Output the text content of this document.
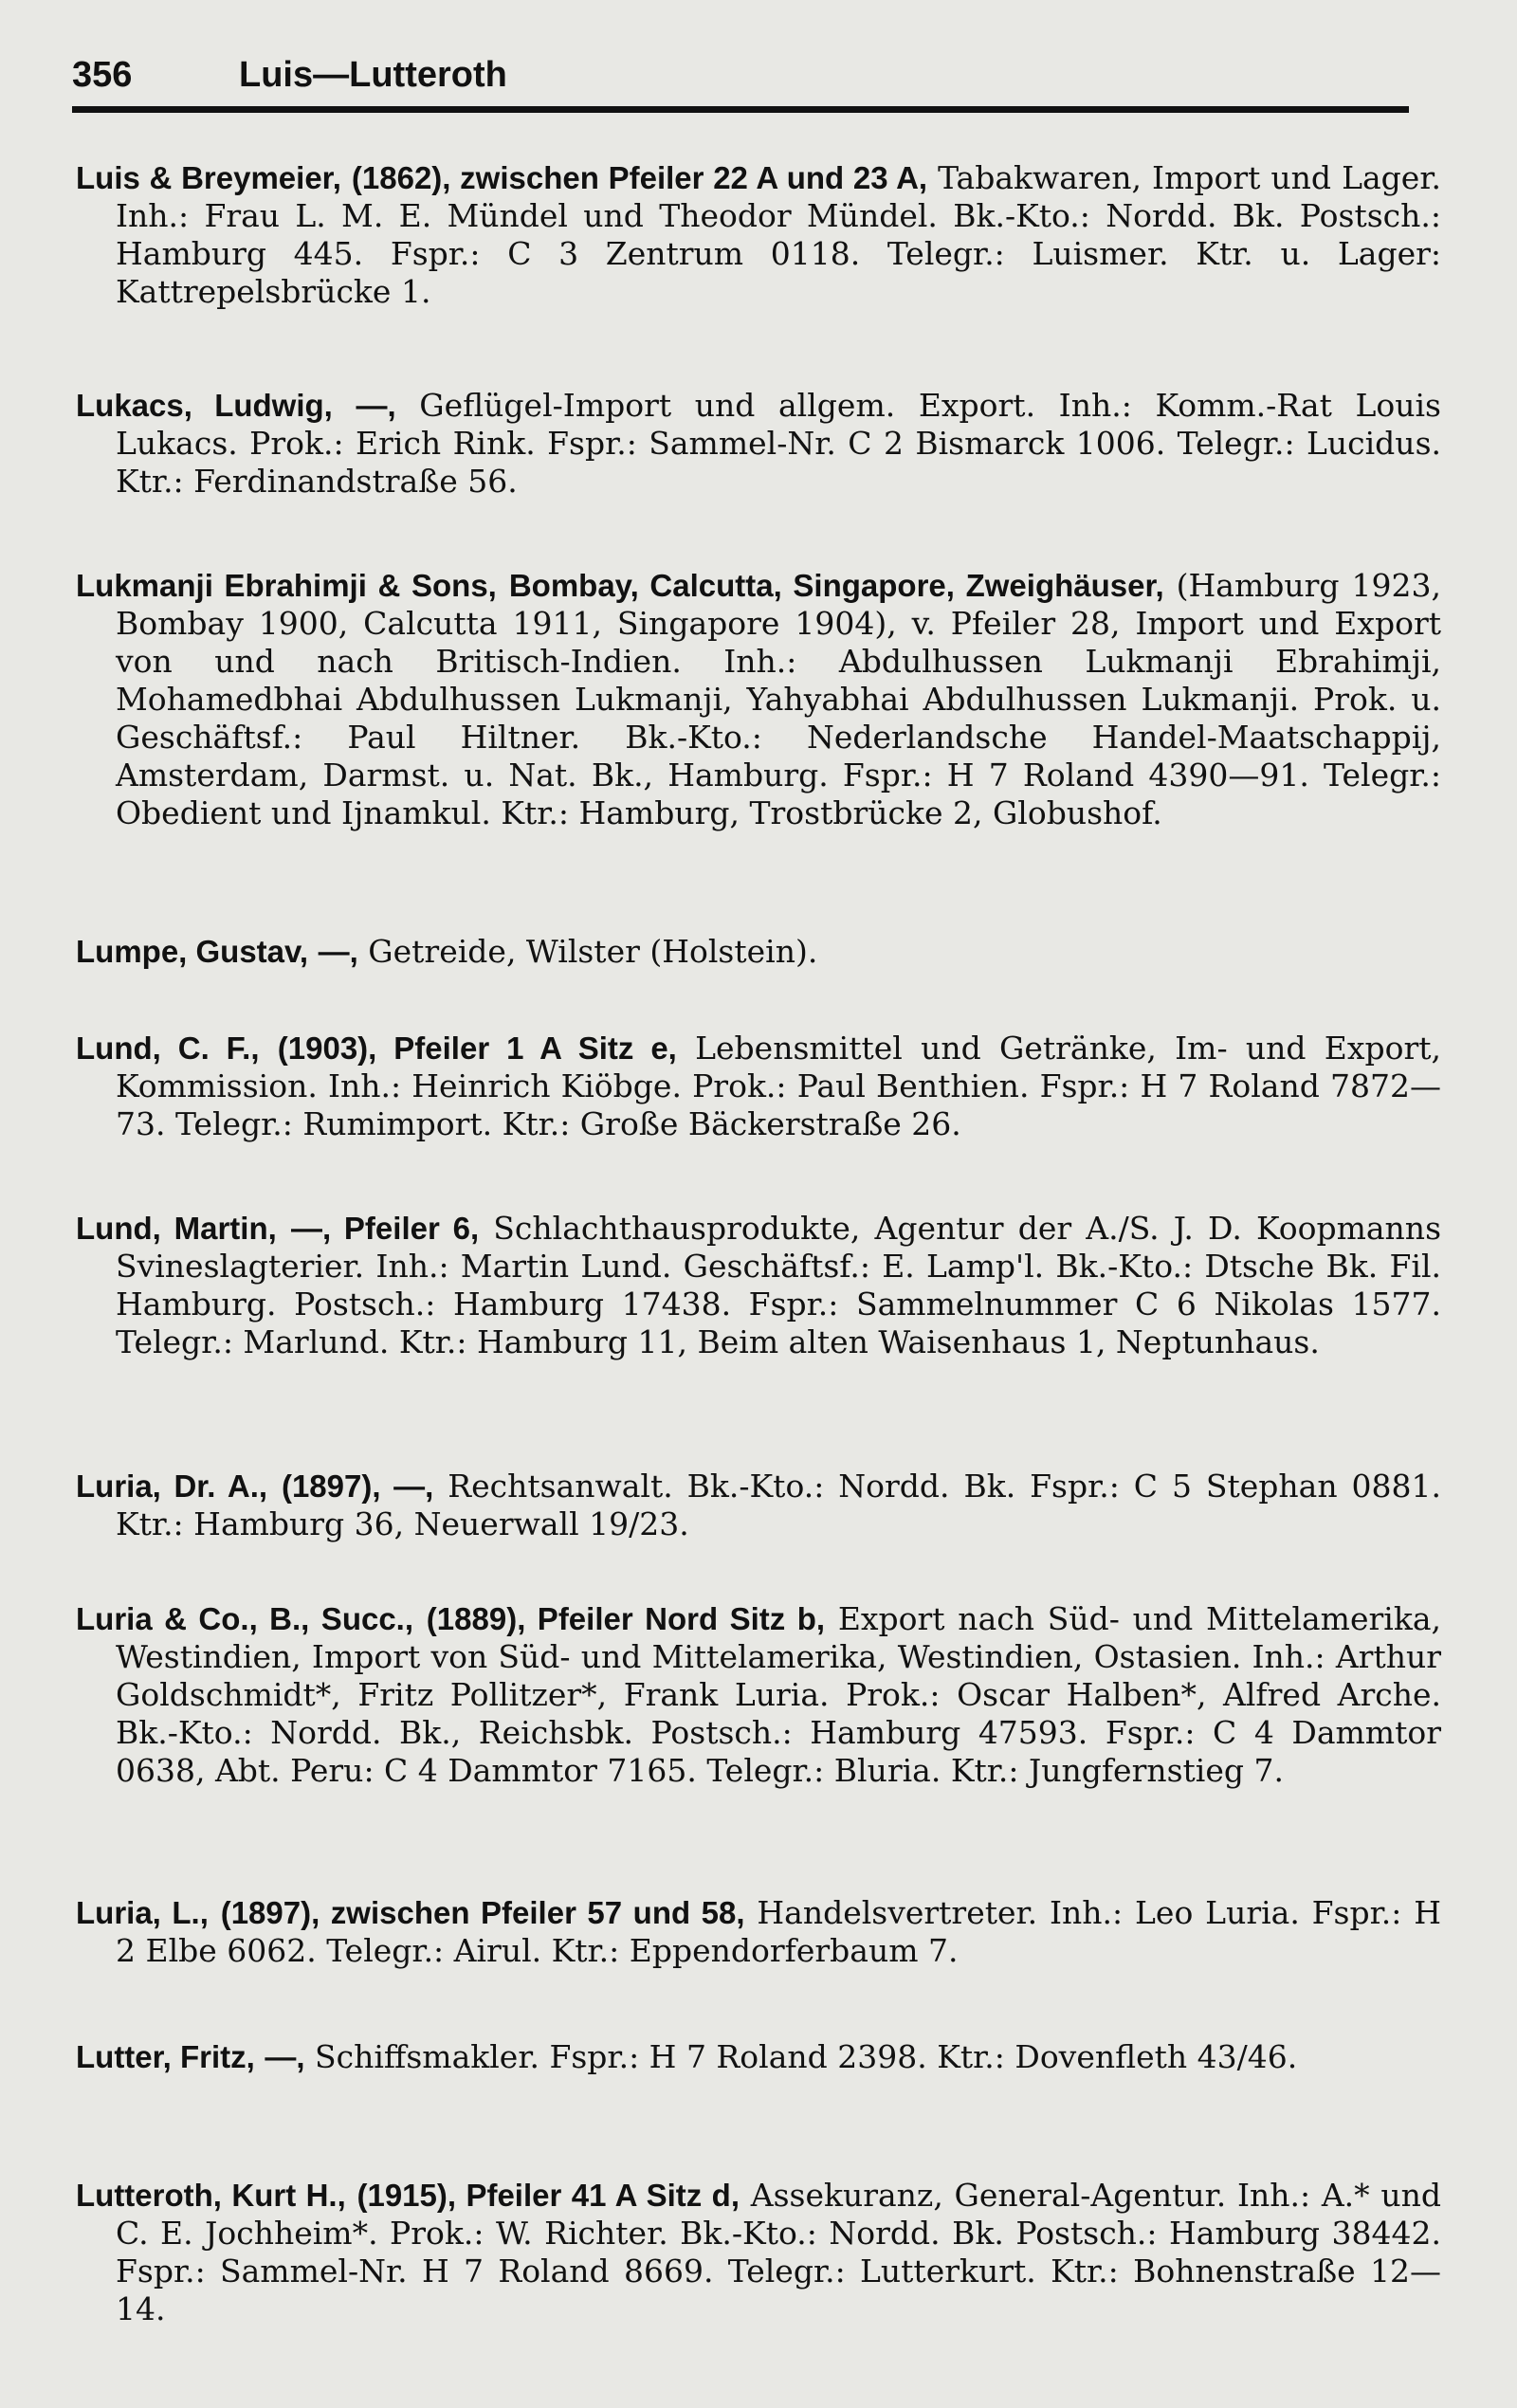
356	Luis—Lutteroth

Luis & Breymeier, (1862), zwischen Pfeiler 22 A und 23 A, Tabakwaren, Import und Lager. Inh.: Frau L. M. E. Mündel und Theodor Mündel. Bk.-Kto.: Nordd. Bk. Postsch.: Hamburg 445. Fspr.: C 3 Zentrum 0118. Telegr.: Luismer. Ktr. u. Lager: Kattrepelsbrücke 1.

Lukacs, Ludwig, —, Geflügel-Import und allgem. Export. Inh.: Komm.-Rat Louis Lukacs. Prok.: Erich Rink. Fspr.: Sammel-Nr. C 2 Bismarck 1006. Telegr.: Lucidus. Ktr.: Ferdinandstraße 56.

Lukmanji Ebrahimji & Sons, Bombay, Calcutta, Singapore, Zweighäuser, (Hamburg 1923, Bombay 1900, Calcutta 1911, Singapore 1904), v. Pfeiler 28, Import und Export von und nach Britisch-Indien. Inh.: Abdulhussen Lukmanji Ebrahimji, Mohamedbhai Abdulhussen Lukmanji, Yahyabhai Abdulhussen Lukmanji. Prok. u. Geschäftsf.: Paul Hiltner. Bk.-Kto.: Nederlandsche Handel-Maatschappij, Amsterdam, Darmst. u. Nat. Bk., Hamburg. Fspr.: H 7 Roland 4390—91. Telegr.: Obedient und Ijnamkul. Ktr.: Hamburg, Trostbrücke 2, Globushof.

Lumpe, Gustav, —, Getreide, Wilster (Holstein).

Lund, C. F., (1903), Pfeiler 1 A Sitz e, Lebensmittel und Getränke, Im- und Export, Kommission. Inh.: Heinrich Kiöbge. Prok.: Paul Benthien. Fspr.: H 7 Roland 7872—73. Telegr.: Rumimport. Ktr.: Große Bäckerstraße 26.

Lund, Martin, —, Pfeiler 6, Schlachthausprodukte, Agentur der A./S. J. D. Koopmanns Svineslagterier. Inh.: Martin Lund. Geschäftsf.: E. Lamp'l. Bk.-Kto.: Dtsche Bk. Fil. Hamburg. Postsch.: Hamburg 17438. Fspr.: Sammelnummer C 6 Nikolas 1577. Telegr.: Marlund. Ktr.: Hamburg 11, Beim alten Waisenhaus 1, Neptunhaus.

Luria, Dr. A., (1897), —, Rechtsanwalt. Bk.-Kto.: Nordd. Bk. Fspr.: C 5 Stephan 0881. Ktr.: Hamburg 36, Neuerwall 19/23.

Luria & Co., B., Succ., (1889), Pfeiler Nord Sitz b, Export nach Süd- und Mittelamerika, Westindien, Import von Süd- und Mittelamerika, Westindien, Ostasien. Inh.: Arthur Goldschmidt*, Fritz Pollitzer*, Frank Luria. Prok.: Oscar Halben*, Alfred Arche. Bk.-Kto.: Nordd. Bk., Reichsbk. Postsch.: Hamburg 47593. Fspr.: C 4 Dammtor 0638, Abt. Peru: C 4 Dammtor 7165. Telegr.: Bluria. Ktr.: Jungfernstieg 7.

Luria, L., (1897), zwischen Pfeiler 57 und 58, Handelsvertreter. Inh.: Leo Luria. Fspr.: H 2 Elbe 6062. Telegr.: Airul. Ktr.: Eppendorferbaum 7.

Lutter, Fritz, —, Schiffsmakler. Fspr.: H 7 Roland 2398. Ktr.: Dovenfleth 43/46.

Lutteroth, Kurt H., (1915), Pfeiler 41 A Sitz d, Assekuranz, General-Agentur. Inh.: A.* und C. E. Jochheim*. Prok.: W. Richter. Bk.-Kto.: Nordd. Bk. Postsch.: Hamburg 38442. Fspr.: Sammel-Nr. H 7 Roland 8669. Telegr.: Lutterkurt. Ktr.: Bohnenstraße 12—14.
